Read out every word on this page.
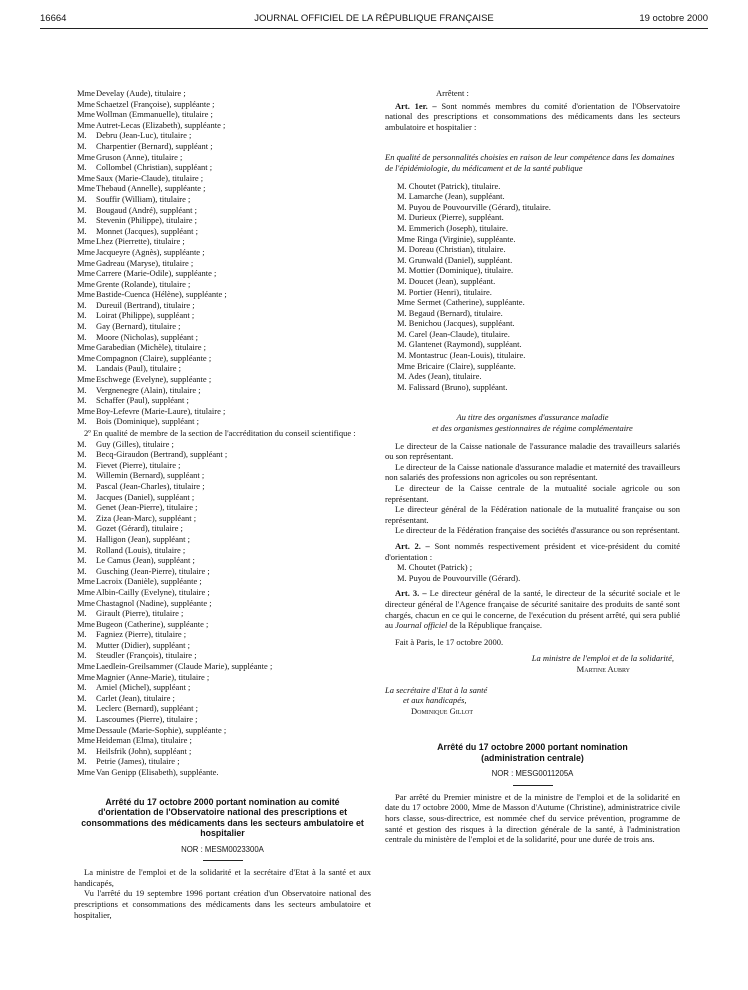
16664	JOURNAL OFFICIEL DE LA RÉPUBLIQUE FRANÇAISE	19 octobre 2000
MmeDevelay (Aude), titulaire ;
MmeSchaetzel (Françoise), suppléante ;
MmeWollman (Emmanuelle), titulaire ;
MmeAutret-Lecas (Elizabeth), suppléante ;
M. Debru (Jean-Luc), titulaire ;
M. Charpentier (Bernard), suppléant ;
MmeGruson (Anne), titulaire ;
M. Collombel (Christian), suppléant ;
MmeSaux (Marie-Claude), titulaire ;
MmeThebaud (Annelle), suppléante ;
M. Souffir (William), titulaire ;
M. Bougaud (André), suppléant ;
M. Stevenin (Philippe), titulaire ;
M. Monnet (Jacques), suppléant ;
MmeLhez (Pierrette), titulaire ;
MmeJacqueyre (Agnès), suppléante ;
MmeGadreau (Maryse), titulaire ;
MmeCarrere (Marie-Odile), suppléante ;
MmeGrente (Rolande), titulaire ;
MmeBastide-Cuenca (Hélène), suppléante ;
M. Dureuil (Bertrand), titulaire ;
M. Loirat (Philippe), suppléant ;
M. Gay (Bernard), titulaire ;
M. Moore (Nicholas), suppléant ;
MmeGarabedian (Michèle), titulaire ;
MmeCompagnon (Claire), suppléante ;
M. Landais (Paul), titulaire ;
MmeEschwege (Evelyne), suppléante ;
M. Vergnenegre (Alain), titulaire ;
M. Schaffer (Paul), suppléant ;
MmeBoy-Lefevre (Marie-Laure), titulaire ;
M. Bois (Dominique), suppléant ;

2º En qualité de membre de la section de l'accréditation du conseil scientifique :

M. Guy (Gilles), titulaire ;
M. Becq-Giraudon (Bertrand), suppléant ;
M. Fievet (Pierre), titulaire ;
M. Willemin (Bernard), suppléant ;
M. Pascal (Jean-Charles), titulaire ;
M. Jacques (Daniel), suppléant ;
M. Genet (Jean-Pierre), titulaire ;
M. Ziza (Jean-Marc), suppléant ;
M. Gozet (Gérard), titulaire ;
M. Halligon (Jean), suppléant ;
M. Rolland (Louis), titulaire ;
M. Le Camus (Jean), suppléant ;
M. Gusching (Jean-Pierre), titulaire ;
MmeLacroix (Danièle), suppléante ;
MmeAlbin-Cailly (Evelyne), titulaire ;
MmeChastagnol (Nadine), suppléante ;
M. Girault (Pierre), titulaire ;
MmeBugeon (Catherine), suppléante ;
M. Fagniez (Pierre), titulaire ;
M. Mutter (Didier), suppléant ;
M. Steudler (François), titulaire ;
MmeLaedlein-Greilsammer (Claude Marie), suppléante ;
MmeMagnier (Anne-Marie), titulaire ;
M. Amiel (Michel), suppléant ;
M. Carlet (Jean), titulaire ;
M. Leclerc (Bernard), suppléant ;
M. Lascoumes (Pierre), titulaire ;
MmeDessaule (Marie-Sophie), suppléante ;
MmeHeideman (Elma), titulaire ;
M. Heilsfrik (John), suppléant ;
M. Petrie (James), titulaire ;
MmeVan Genipp (Elisabeth), suppléante.

Arrêté du 17 octobre 2000 portant nomination au comité d'orientation de l'Observatoire national des prescriptions et consommations des médicaments dans les secteurs ambulatoire et hospitalier

NOR : MESM0023300A

La ministre de l'emploi et de la solidarité et la secrétaire d'Etat à la santé et aux handicapés,

Vu l'arrêté du 19 septembre 1996 portant création d'un Observatoire national des prescriptions et consommations des médicaments dans les secteurs ambulatoire et hospitalier,

Arrêtent :

Art. 1er. – Sont nommés membres du comité d'orientation de l'Observatoire national des prescriptions et consommations des médicaments dans les secteurs ambulatoire et hospitalier :

En qualité de personnalités choisies en raison de leur compétence dans les domaines de l'épidémiologie, du médicament et de la santé publique

M. Choutet (Patrick), titulaire.
M. Lamarche (Jean), suppléant.
M. Puyou de Pouvourville (Gérard), titulaire.
M. Durieux (Pierre), suppléant.
M. Emmerich (Joseph), titulaire.
Mme Ringa (Virginie), suppléante.
M. Doreau (Christian), titulaire.
M. Grunwald (Daniel), suppléant.
M. Mottier (Dominique), titulaire.
M. Doucet (Jean), suppléant.
M. Portier (Henri), titulaire.
Mme Sermet (Catherine), suppléante.
M. Begaud (Bernard), titulaire.
M. Benichou (Jacques), suppléant.
M. Carel (Jean-Claude), titulaire.
M. Glantenet (Raymond), suppléant.
M. Montastruc (Jean-Louis), titulaire.
Mme Bricaire (Claire), suppléante.
M. Ades (Jean), titulaire.
M. Falissard (Bruno), suppléant.
Au titre des organismes d'assurance maladie
et des organismes gestionnaires de régime complémentaire
Le directeur de la Caisse nationale de l'assurance maladie des travailleurs salariés ou son représentant.
Le directeur de la Caisse nationale d'assurance maladie et maternité des travailleurs non salariés des professions non agricoles ou son représentant.
Le directeur de la Caisse centrale de la mutualité sociale agricole ou son représentant.
Le directeur général de la Fédération nationale de la mutualité française ou son représentant.
Le directeur de la Fédération française des sociétés d'assurance ou son représentant.

Art. 2. – Sont nommés respectivement président et vice-président du comité d'orientation :

M. Choutet (Patrick) ;
M. Puyou de Pouvourville (Gérard).

Art. 3. – Le directeur général de la santé, le directeur de la sécurité sociale et le directeur général de l'Agence française de sécurité sanitaire des produits de santé sont chargés, chacun en ce qui le concerne, de l'exécution du présent arrêté, qui sera publié au Journal officiel de la République française.

Fait à Paris, le 17 octobre 2000.

La ministre de l'emploi et de la solidarité,
Martine Aubry
La secrétaire d'Etat à la santé
et aux handicapés,
Dominique Gillot
Arrêté du 17 octobre 2000 portant nomination
(administration centrale)
NOR : MESG0011205A

Par arrêté du Premier ministre et de la ministre de l'emploi et de la solidarité en date du 17 octobre 2000, Mme de Masson d'Autume (Christine), administratrice civile hors classe, sous-directrice, est nommée chef du service prévention, programme de santé et gestion des risques à la direction générale de la santé, à l'administration centrale du ministère de l'emploi et de la solidarité, pour une durée de trois ans.
